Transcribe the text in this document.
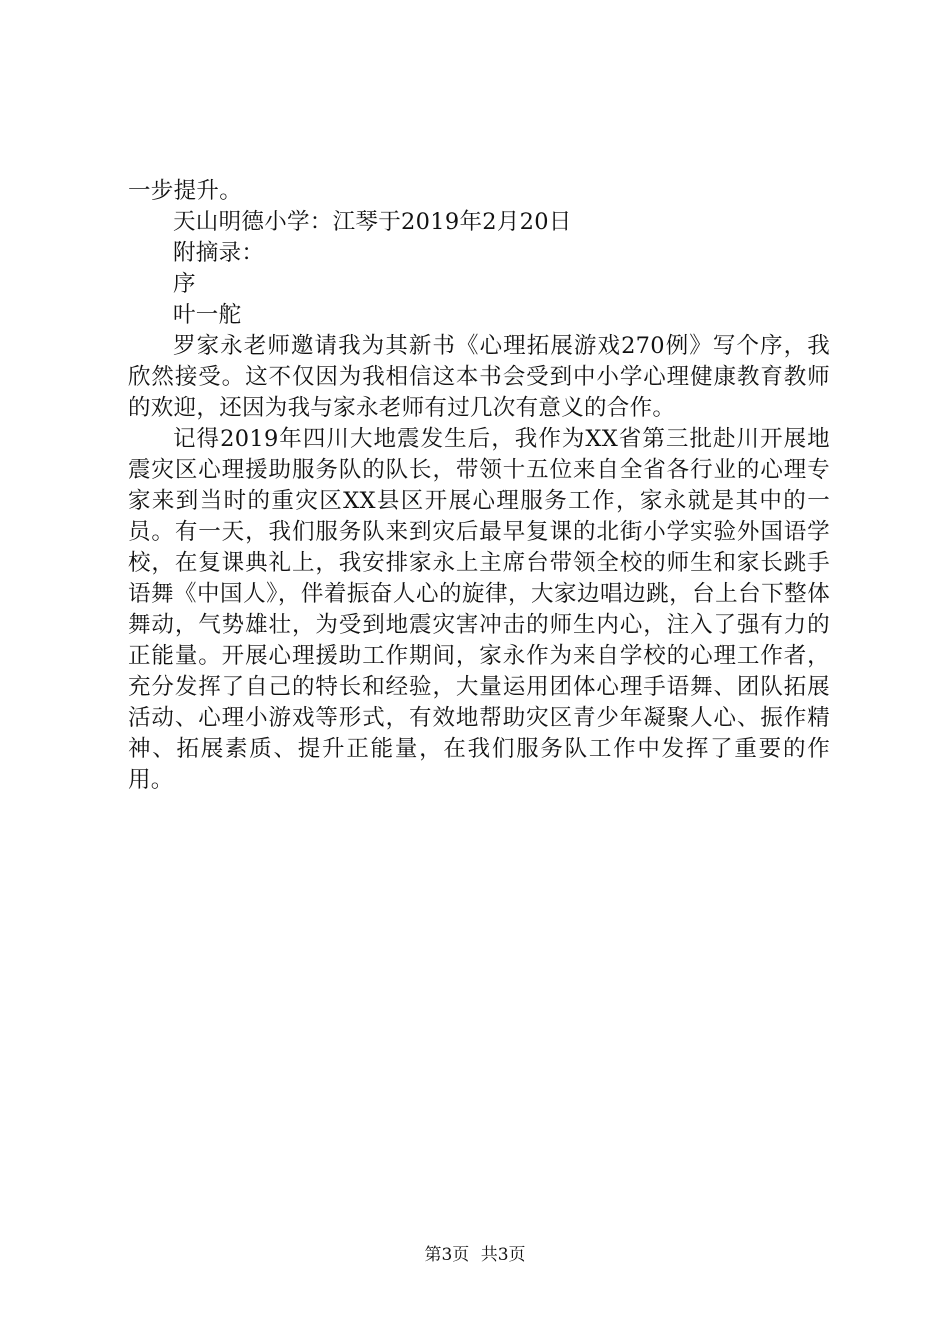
一步提升。

天山明德小学：江琴于2019年2月20日

附摘录：

序

叶一舵

罗家永老师邀请我为其新书《心理拓展游戏270例》写个序，我欣然接受。这不仅因为我相信这本书会受到中小学心理健康教育教师的欢迎，还因为我与家永老师有过几次有意义的合作。

记得2019年四川大地震发生后，我作为XX省第三批赴川开展地震灾区心理援助服务队的队长，带领十五位来自全省各行业的心理专家来到当时的重灾区XX县区开展心理服务工作，家永就是其中的一员。有一天，我们服务队来到灾后最早复课的北街小学实验外国语学校，在复课典礼上，我安排家永上主席台带领全校的师生和家长跳手语舞《中国人》，伴着振奋人心的旋律，大家边唱边跳，台上台下整体舞动，气势雄壮，为受到地震灾害冲击的师生内心，注入了强有力的正能量。开展心理援助工作期间，家永作为来自学校的心理工作者，充分发挥了自己的特长和经验，大量运用团体心理手语舞、团队拓展活动、心理小游戏等形式，有效地帮助灾区青少年凝聚人心、振作精神、拓展素质、提升正能量，在我们服务队工作中发挥了重要的作用。

第3页 共3页
